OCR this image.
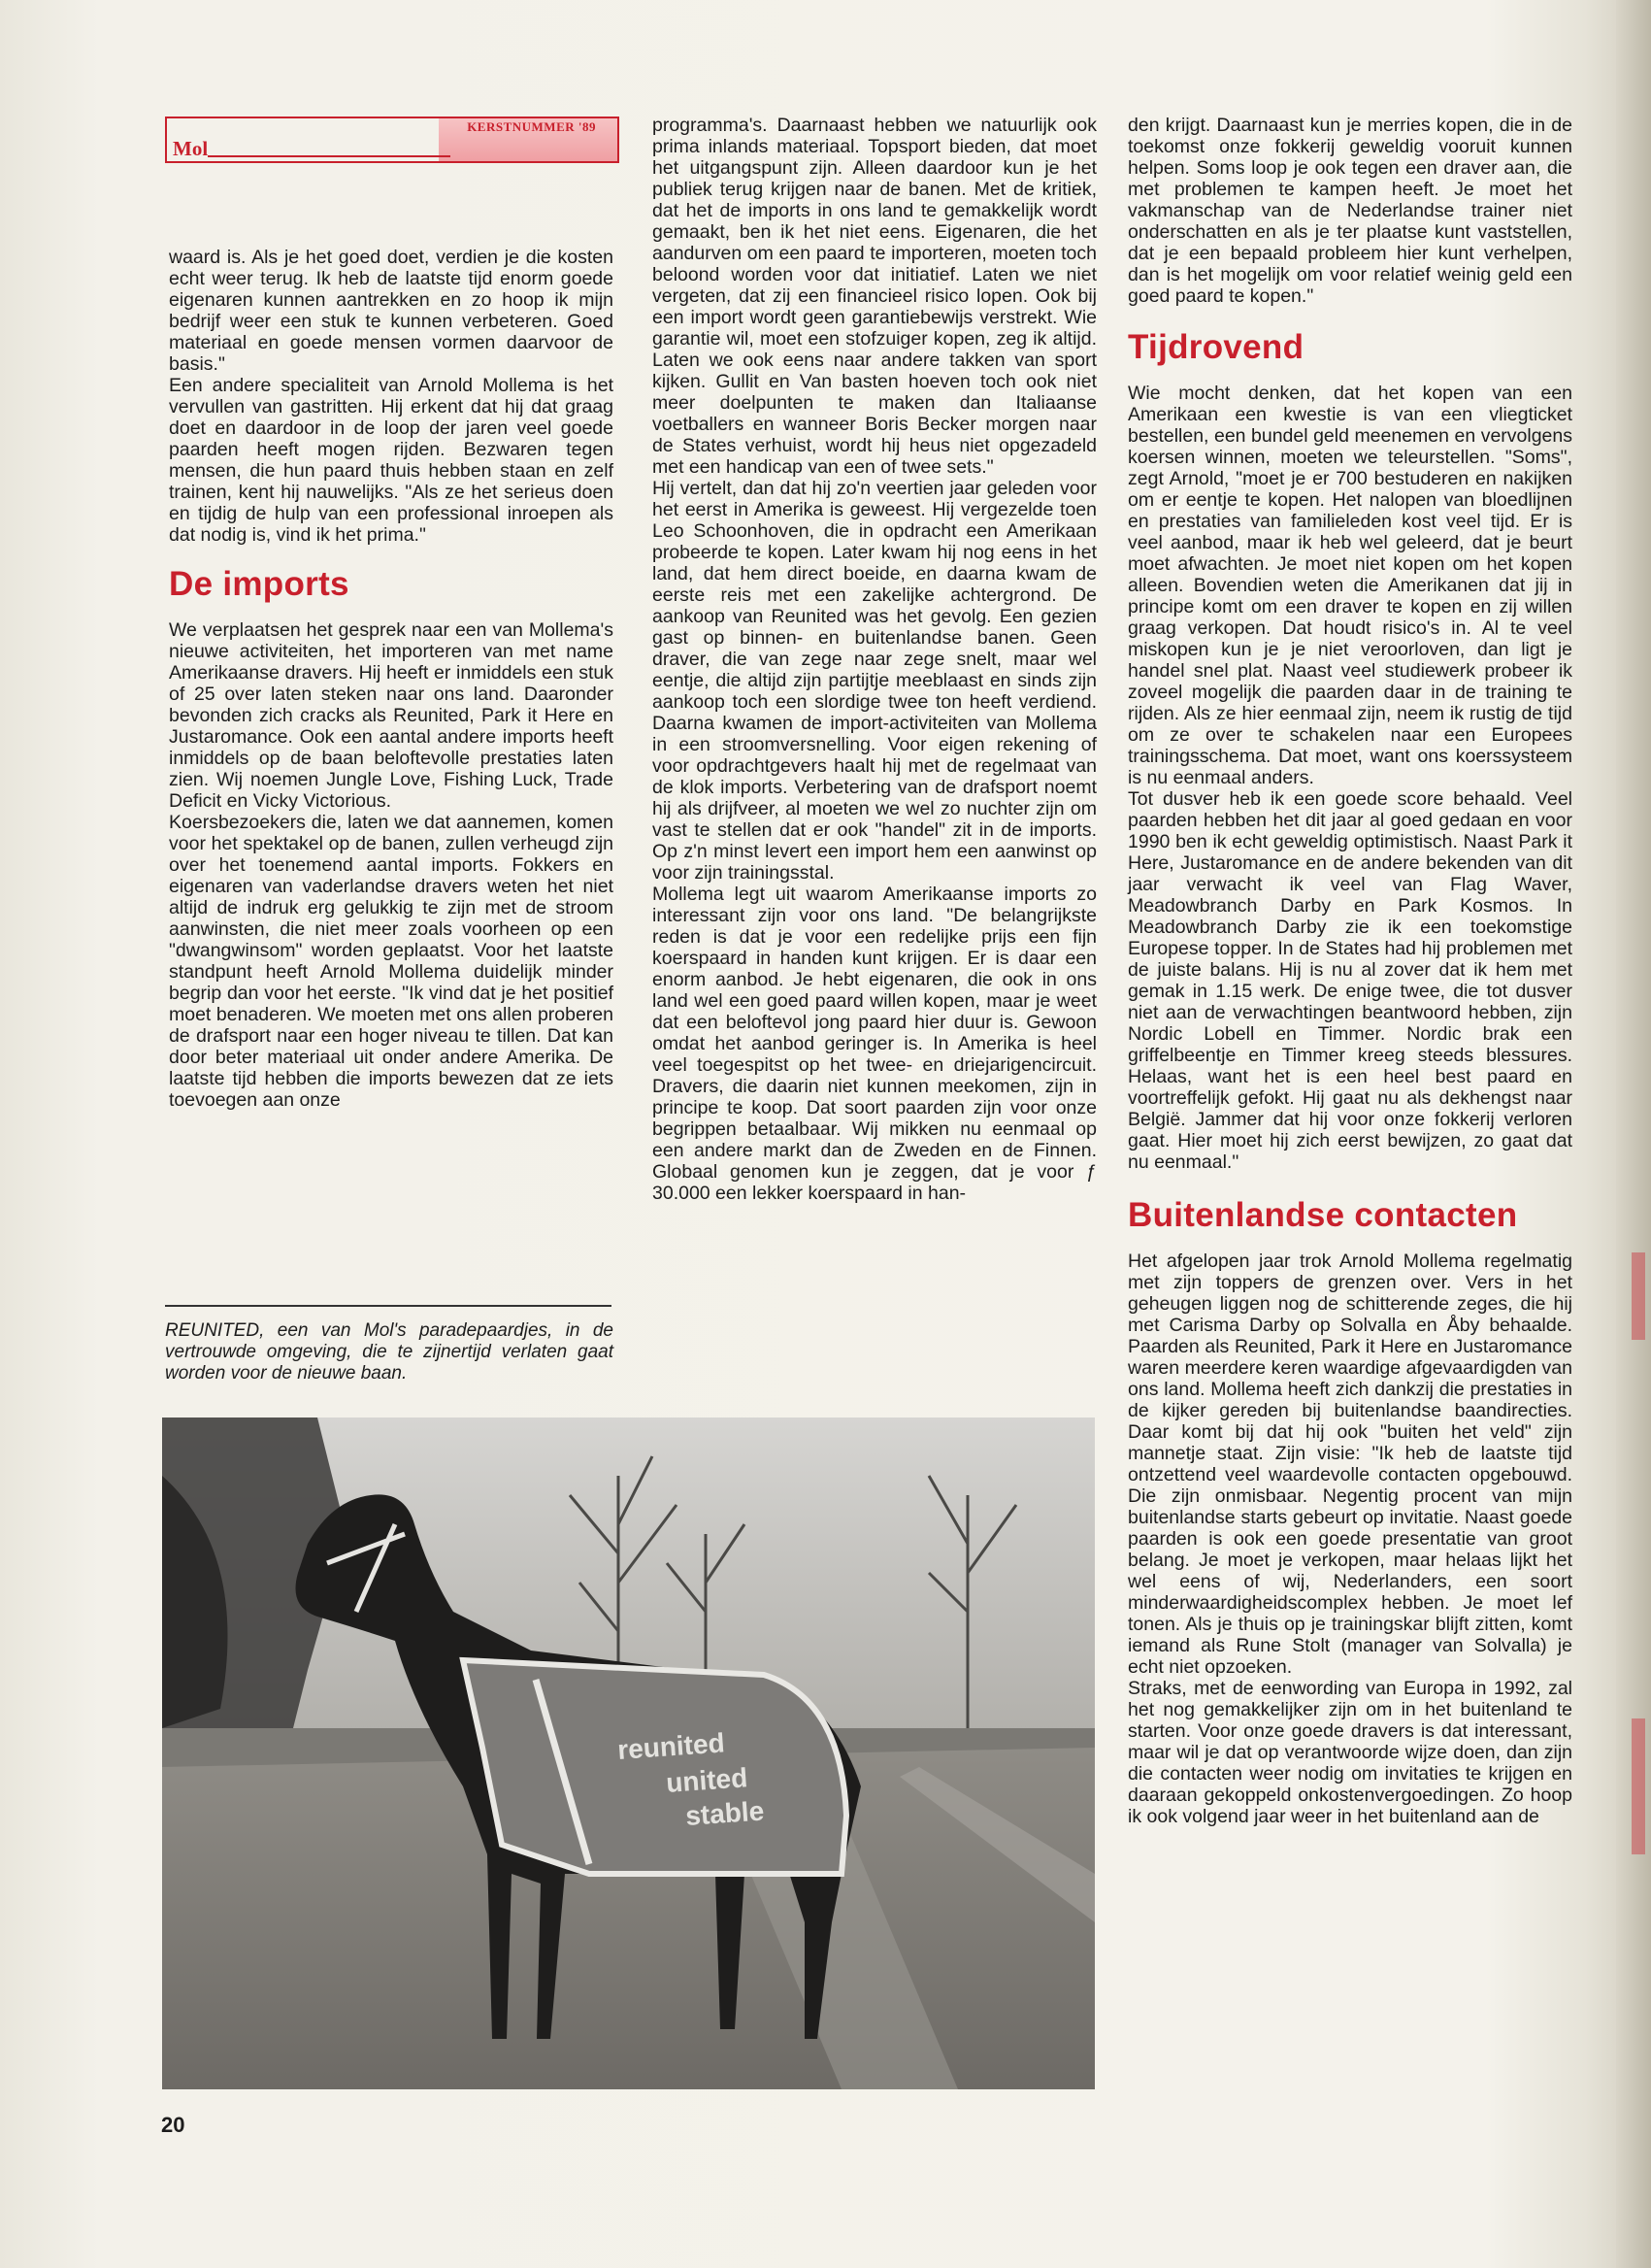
Mol
KERSTNUMMER '89

waard is. Als je het goed doet, verdien je die kosten echt weer terug. Ik heb de laatste tijd enorm goede eigenaren kunnen aantrekken en zo hoop ik mijn bedrijf weer een stuk te kunnen verbeteren. Goed materiaal en goede mensen vormen daarvoor de basis."

Een andere specialiteit van Arnold Mollema is het vervullen van gastritten. Hij erkent dat hij dat graag doet en daardoor in de loop der jaren veel goede paarden heeft mogen rijden. Bezwaren tegen mensen, die hun paard thuis hebben staan en zelf trainen, kent hij nauwelijks. "Als ze het serieus doen en tijdig de hulp van een professional inroepen als dat nodig is, vind ik het prima."

De imports

We verplaatsen het gesprek naar een van Mollema's nieuwe activiteiten, het importeren van met name Amerikaanse dravers. Hij heeft er inmiddels een stuk of 25 over laten steken naar ons land. Daaronder bevonden zich cracks als Reunited, Park it Here en Justaromance. Ook een aantal andere imports heeft inmiddels op de baan beloftevolle prestaties laten zien. Wij noemen Jungle Love, Fishing Luck, Trade Deficit en Vicky Victorious.

Koersbezoekers die, laten we dat aannemen, komen voor het spektakel op de banen, zullen verheugd zijn over het toenemend aantal imports. Fokkers en eigenaren van vaderlandse dravers weten het niet altijd de indruk erg gelukkig te zijn met de stroom aanwinsten, die niet meer zoals voorheen op een "dwangwinsom" worden geplaatst. Voor het laatste standpunt heeft Arnold Mollema duidelijk minder begrip dan voor het eerste. "Ik vind dat je het positief moet benaderen. We moeten met ons allen proberen de drafsport naar een hoger niveau te tillen. Dat kan door beter materiaal uit onder andere Amerika. De laatste tijd hebben die imports bewezen dat ze iets toevoegen aan onze

REUNITED, een van Mol's paradepaardjes, in de vertrouwde omgeving, die te zijnertijd verlaten gaat worden voor de nieuwe baan.

programma's. Daarnaast hebben we natuurlijk ook prima inlands materiaal. Topsport bieden, dat moet het uitgangspunt zijn. Alleen daardoor kun je het publiek terug krijgen naar de banen. Met de kritiek, dat het de imports in ons land te gemakkelijk wordt gemaakt, ben ik het niet eens. Eigenaren, die het aandurven om een paard te importeren, moeten toch beloond worden voor dat initiatief. Laten we niet vergeten, dat zij een financieel risico lopen. Ook bij een import wordt geen garantiebewijs verstrekt. Wie garantie wil, moet een stofzuiger kopen, zeg ik altijd. Laten we ook eens naar andere takken van sport kijken. Gullit en Van basten hoeven toch ook niet meer doelpunten te maken dan Italiaanse voetballers en wanneer Boris Becker morgen naar de States verhuist, wordt hij heus niet opgezadeld met een handicap van een of twee sets."

Hij vertelt, dan dat hij zo'n veertien jaar geleden voor het eerst in Amerika is geweest. Hij vergezelde toen Leo Schoonhoven, die in opdracht een Amerikaan probeerde te kopen. Later kwam hij nog eens in het land, dat hem direct boeide, en daarna kwam de eerste reis met een zakelijke achtergrond. De aankoop van Reunited was het gevolg. Een gezien gast op binnen- en buitenlandse banen. Geen draver, die van zege naar zege snelt, maar wel eentje, die altijd zijn partijtje meeblaast en sinds zijn aankoop toch een slordige twee ton heeft verdiend. Daarna kwamen de import-activiteiten van Mollema in een stroomversnelling. Voor eigen rekening of voor opdrachtgevers haalt hij met de regelmaat van de klok imports. Verbetering van de drafsport noemt hij als drijfveer, al moeten we wel zo nuchter zijn om vast te stellen dat er ook "handel" zit in de imports. Op z'n minst levert een import hem een aanwinst op voor zijn trainingsstal.

Mollema legt uit waarom Amerikaanse imports zo interessant zijn voor ons land. "De belangrijkste reden is dat je voor een redelijke prijs een fijn koerspaard in handen kunt krijgen. Er is daar een enorm aanbod. Je hebt eigenaren, die ook in ons land wel een goed paard willen kopen, maar je weet dat een beloftevol jong paard hier duur is. Gewoon omdat het aanbod geringer is. In Amerika is heel veel toegespitst op het twee- en driejarigencircuit. Dravers, die daarin niet kunnen meekomen, zijn in principe te koop. Dat soort paarden zijn voor onze begrippen betaalbaar. Wij mikken nu eenmaal op een andere markt dan de Zweden en de Finnen. Globaal genomen kun je zeggen, dat je voor ƒ 30.000 een lekker koerspaard in han-

den krijgt. Daarnaast kun je merries kopen, die in de toekomst onze fokkerij geweldig vooruit kunnen helpen. Soms loop je ook tegen een draver aan, die met problemen te kampen heeft. Je moet het vakmanschap van de Nederlandse trainer niet onderschatten en als je ter plaatse kunt vaststellen, dat je een bepaald probleem hier kunt verhelpen, dan is het mogelijk om voor relatief weinig geld een goed paard te kopen."

Tijdrovend

Wie mocht denken, dat het kopen van een Amerikaan een kwestie is van een vliegticket bestellen, een bundel geld meenemen en vervolgens koersen winnen, moeten we teleurstellen. "Soms", zegt Arnold, "moet je er 700 bestuderen en nakijken om er eentje te kopen. Het nalopen van bloedlijnen en prestaties van familieleden kost veel tijd. Er is veel aanbod, maar ik heb wel geleerd, dat je beurt moet afwachten. Je moet niet kopen om het kopen alleen. Bovendien weten die Amerikanen dat jij in principe komt om een draver te kopen en zij willen graag verkopen. Dat houdt risico's in. Al te veel miskopen kun je je niet veroorloven, dan ligt je handel snel plat. Naast veel studiewerk probeer ik zoveel mogelijk die paarden daar in de training te rijden. Als ze hier eenmaal zijn, neem ik rustig de tijd om ze over te schakelen naar een Europees trainingsschema. Dat moet, want ons koerssysteem is nu eenmaal anders.

Tot dusver heb ik een goede score behaald. Veel paarden hebben het dit jaar al goed gedaan en voor 1990 ben ik echt geweldig optimistisch. Naast Park it Here, Justaromance en de andere bekenden van dit jaar verwacht ik veel van Flag Waver, Meadowbranch Darby en Park Kosmos. In Meadowbranch Darby zie ik een toekomstige Europese topper. In de States had hij problemen met de juiste balans. Hij is nu al zover dat ik hem met gemak in 1.15 werk. De enige twee, die tot dusver niet aan de verwachtingen beantwoord hebben, zijn Nordic Lobell en Timmer. Nordic brak een griffelbeentje en Timmer kreeg steeds blessures. Helaas, want het is een heel best paard en voortreffelijk gefokt. Hij gaat nu als dekhengst naar België. Jammer dat hij voor onze fokkerij verloren gaat. Hier moet hij zich eerst bewijzen, zo gaat dat nu eenmaal."

Buitenlandse contacten

Het afgelopen jaar trok Arnold Mollema regelmatig met zijn toppers de grenzen over. Vers in het geheugen liggen nog de schitterende zeges, die hij met Carisma Darby op Solvalla en Åby behaalde. Paarden als Reunited, Park it Here en Justaromance waren meerdere keren waardige afgevaardigden van ons land. Mollema heeft zich dankzij die prestaties in de kijker gereden bij buitenlandse baandirecties. Daar komt bij dat hij ook "buiten het veld" zijn mannetje staat. Zijn visie: "Ik heb de laatste tijd ontzettend veel waardevolle contacten opgebouwd. Die zijn onmisbaar. Negentig procent van mijn buitenlandse starts gebeurt op invitatie. Naast goede paarden is ook een goede presentatie van groot belang. Je moet je verkopen, maar helaas lijkt het wel eens of wij, Nederlanders, een soort minderwaardigheidscomplex hebben. Je moet lef tonen. Als je thuis op je trainingskar blijft zitten, komt iemand als Rune Stolt (manager van Solvalla) je echt niet opzoeken.

Straks, met de eenwording van Europa in 1992, zal het nog gemakkelijker zijn om in het buitenland te starten. Voor onze goede dravers is dat interessant, maar wil je dat op verantwoorde wijze doen, dan zijn die contacten weer nodig om invitaties te krijgen en daaraan gekoppeld onkostenvergoedingen. Zo hoop ik ook volgend jaar weer in het buitenland aan de

reunited
united
stable
20
